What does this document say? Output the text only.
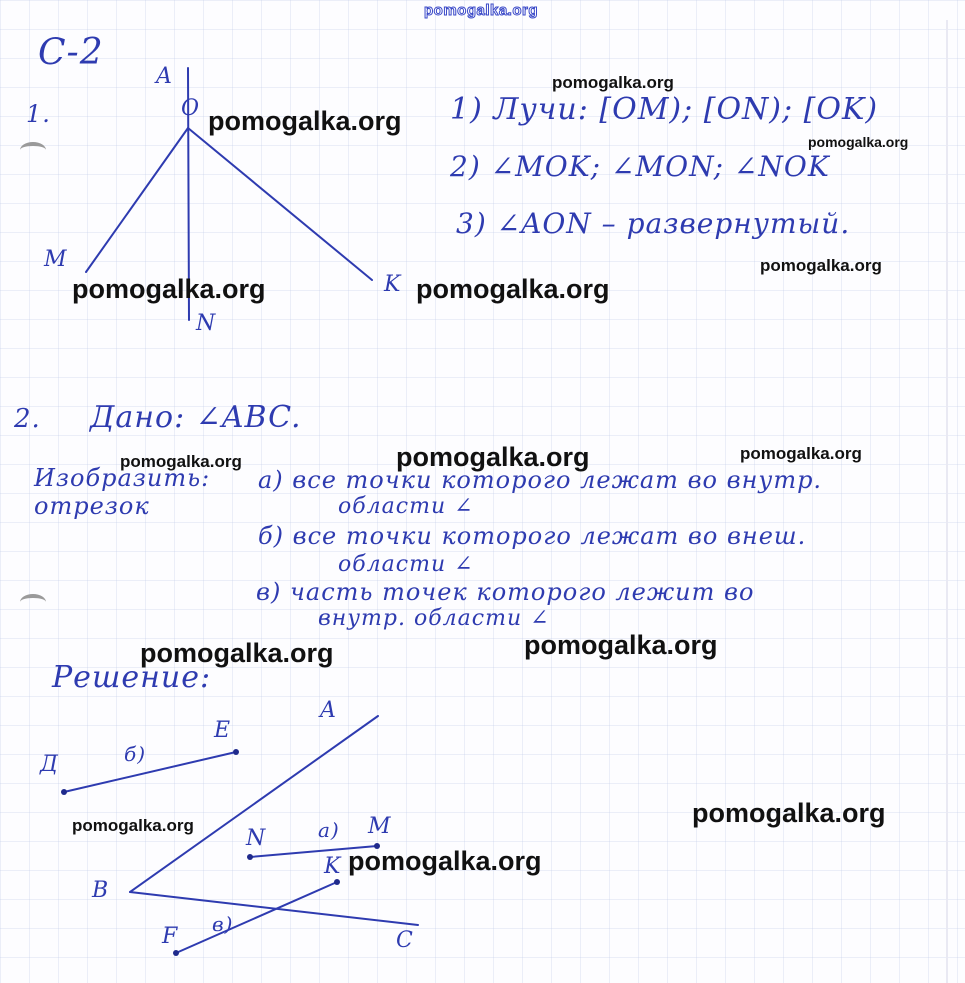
С-2
1.
A
O
M
N
K
1) Лучи: [OM); [ON); [OK)
2) ∠MOK; ∠MON; ∠NOK
3) ∠AON – развернутый.
2. Дано: ∠ABC.
Изобразить: отрезок
а) все точки которого лежат во внутр.
областu ∠
б) все точки которого лежат во внеш.
области ∠
в) часть точек которого лежит во
внутр. области ∠
Решение:
A
B
C
Д
E
N	M
K
F
а)
б)
в)
pomogalka.org
pomogalka.org
pomogalka.org
pomogalka.org
pomogalka.org
pomogalka.org	pomogalka.org
pomogalka.org
pomogalka.org
pomogalka.org
pomogalka.org
pomogalka.org
pomogalka.org
pomogalka.org
pomogalka.org
